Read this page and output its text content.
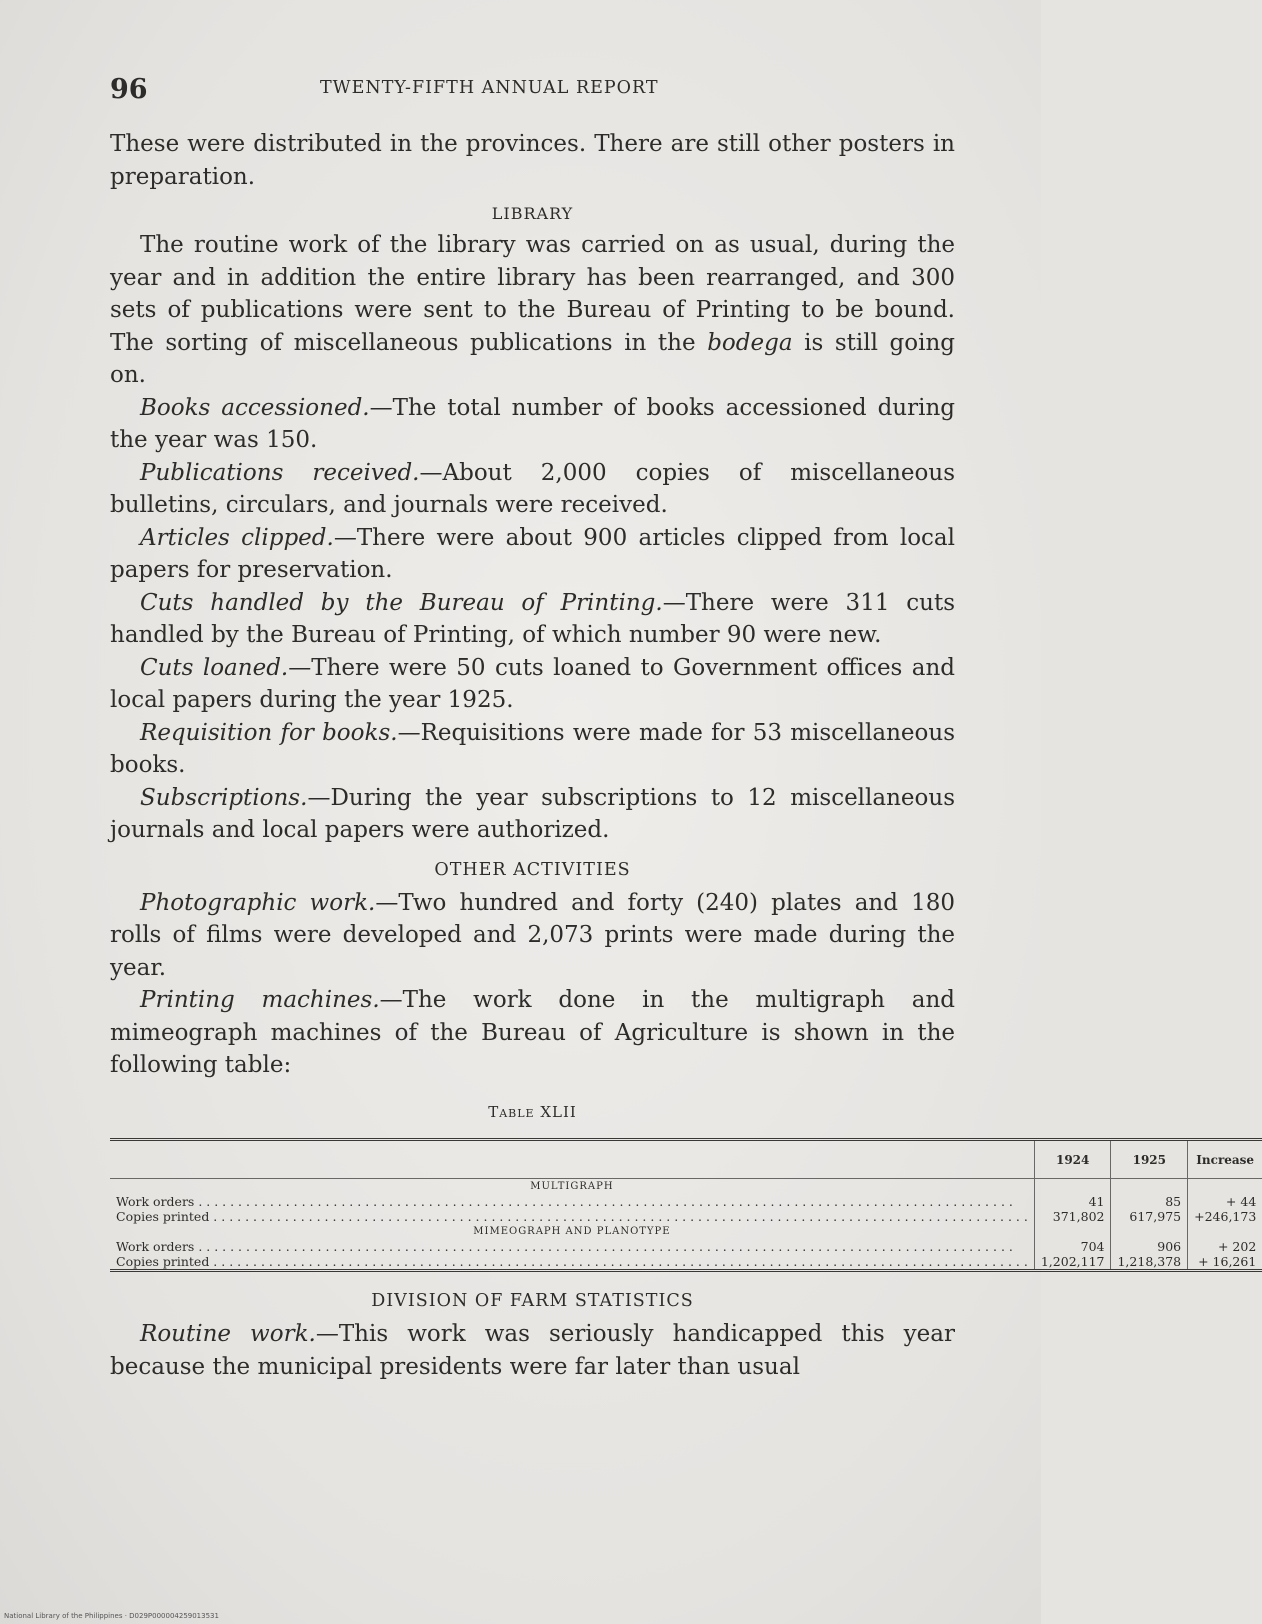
96	TWENTY-FIFTH ANNUAL REPORT

These were distributed in the provinces. There are still other posters in preparation.

LIBRARY

The routine work of the library was carried on as usual, during the year and in addition the entire library has been rearranged, and 300 sets of publications were sent to the Bureau of Printing to be bound. The sorting of miscellaneous publications in the bodega is still going on.

Books accessioned.—The total number of books accessioned during the year was 150.

Publications received.—About 2,000 copies of miscellaneous bulletins, circulars, and journals were received.

Articles clipped.—There were about 900 articles clipped from local papers for preservation.

Cuts handled by the Bureau of Printing.—There were 311 cuts handled by the Bureau of Printing, of which number 90 were new.

Cuts loaned.—There were 50 cuts loaned to Government offices and local papers during the year 1925.

Requisition for books.—Requisitions were made for 53 miscellaneous books.

Subscriptions.—During the year subscriptions to 12 miscellaneous journals and local papers were authorized.

OTHER ACTIVITIES

Photographic work.—Two hundred and forty (240) plates and 180 rolls of films were developed and 2,073 prints were made during the year.

Printing machines.—The work done in the multigraph and mimeograph machines of the Bureau of Agriculture is shown in the following table:

Table XLII
	1924	1925	Increase
MULTIGRAPH			
Work orders . . .	41	85	+ 44
Copies printed . . .	371,802	617,975	+246,173
MIMEOGRAPH AND PLANOTYPE			
Work orders . . .	704	906	+ 202
Copies printed . . .	1,202,117	1,218,378	+ 16,261
DIVISION OF FARM STATISTICS

Routine work.—This work was seriously handicapped this year because the municipal presidents were far later than usual

National Library of the Philippines · D029P000004259013531
